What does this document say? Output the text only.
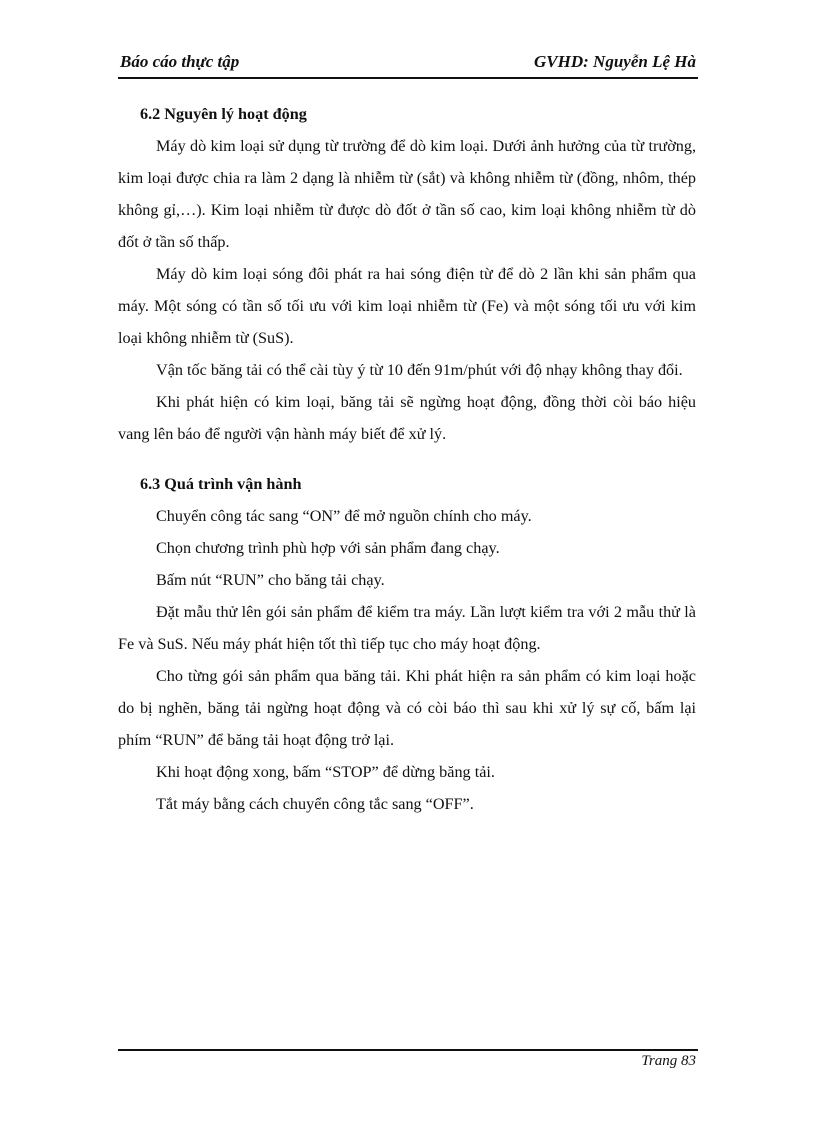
Báo cáo thực tập	GVHD: Nguyễn Lệ Hà

6.2 Nguyên lý hoạt động

Máy dò kim loại sử dụng từ trường để dò kim loại. Dưới ảnh hưởng của từ trường, kim loại được chia ra làm 2 dạng là nhiễm từ (sắt) và không nhiễm từ (đồng, nhôm, thép không gỉ,…). Kim loại nhiễm từ được dò đốt ở tần số cao, kim loại không nhiễm từ dò đốt ở tần số thấp.

Máy dò kim loại sóng đôi phát ra hai sóng điện từ để dò 2 lần khi sản phẩm qua máy. Một sóng có tần số tối ưu với kim loại nhiễm từ (Fe) và một sóng tối ưu với kim loại không nhiễm từ (SuS).

Vận tốc băng tải có thể cài tùy ý từ 10 đến 91m/phút với độ nhạy không thay đổi.

Khi phát hiện có kim loại, băng tải sẽ ngừng hoạt động, đồng thời còi báo hiệu vang lên báo để người vận hành máy biết để xử lý.

6.3 Quá trình vận hành

Chuyển công tác sang “ON” để mở nguồn chính cho máy.

Chọn chương trình phù hợp với sản phẩm đang chạy.

Bấm nút “RUN” cho băng tải chạy.

Đặt mẫu thử lên gói sản phẩm để kiểm tra máy. Lần lượt kiểm tra với 2 mẫu thử là Fe và SuS. Nếu máy phát hiện tốt thì tiếp tục cho máy hoạt động.

Cho từng gói sản phẩm qua băng tải. Khi phát hiện ra sản phẩm có kim loại hoặc do bị nghẽn, băng tải ngừng hoạt động và có còi báo thì sau khi xử lý sự cố, bấm lại phím “RUN” để băng tải hoạt động trở lại.

Khi hoạt động xong, bấm “STOP” để dừng băng tải.

Tắt máy bằng cách chuyển công tắc sang “OFF”.

Trang 83
